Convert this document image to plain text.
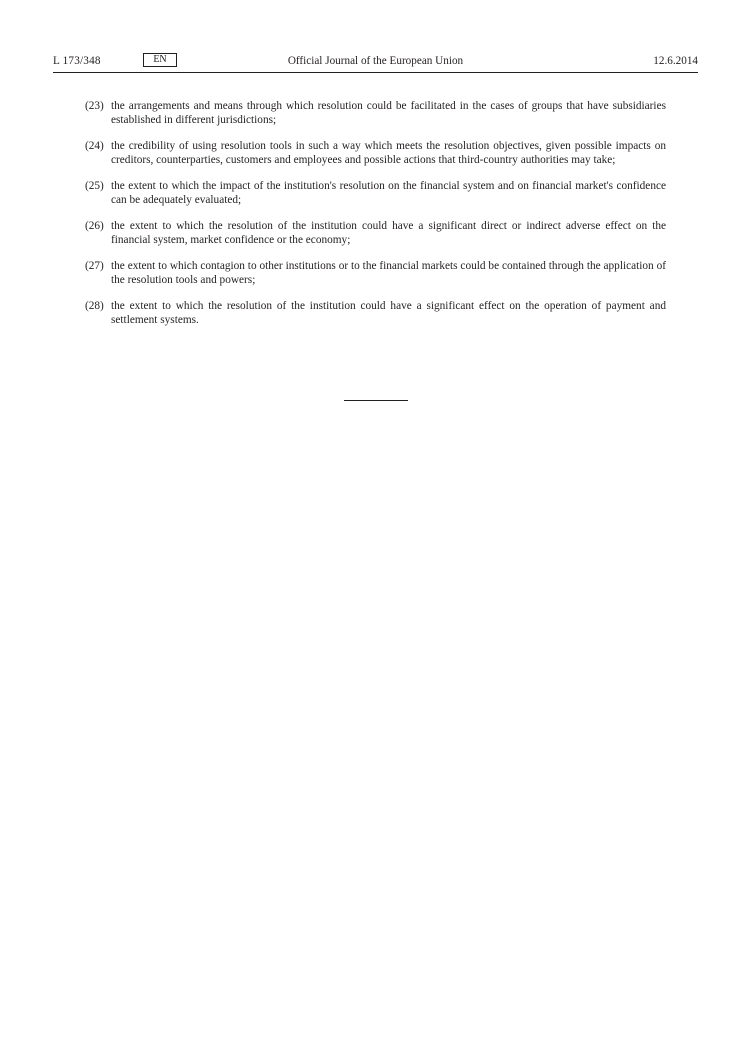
Official Journal of the European Union
L 173/348	EN	12.6.2014
(23) the arrangements and means through which resolution could be facilitated in the cases of groups that have subsidiaries established in different jurisdictions;
(24) the credibility of using resolution tools in such a way which meets the resolution objectives, given possible impacts on creditors, counterparties, customers and employees and possible actions that third-country authorities may take;
(25) the extent to which the impact of the institution's resolution on the financial system and on financial market's confidence can be adequately evaluated;
(26) the extent to which the resolution of the institution could have a significant direct or indirect adverse effect on the financial system, market confidence or the economy;
(27) the extent to which contagion to other institutions or to the financial markets could be contained through the application of the resolution tools and powers;
(28) the extent to which the resolution of the institution could have a significant effect on the operation of payment and settlement systems.
